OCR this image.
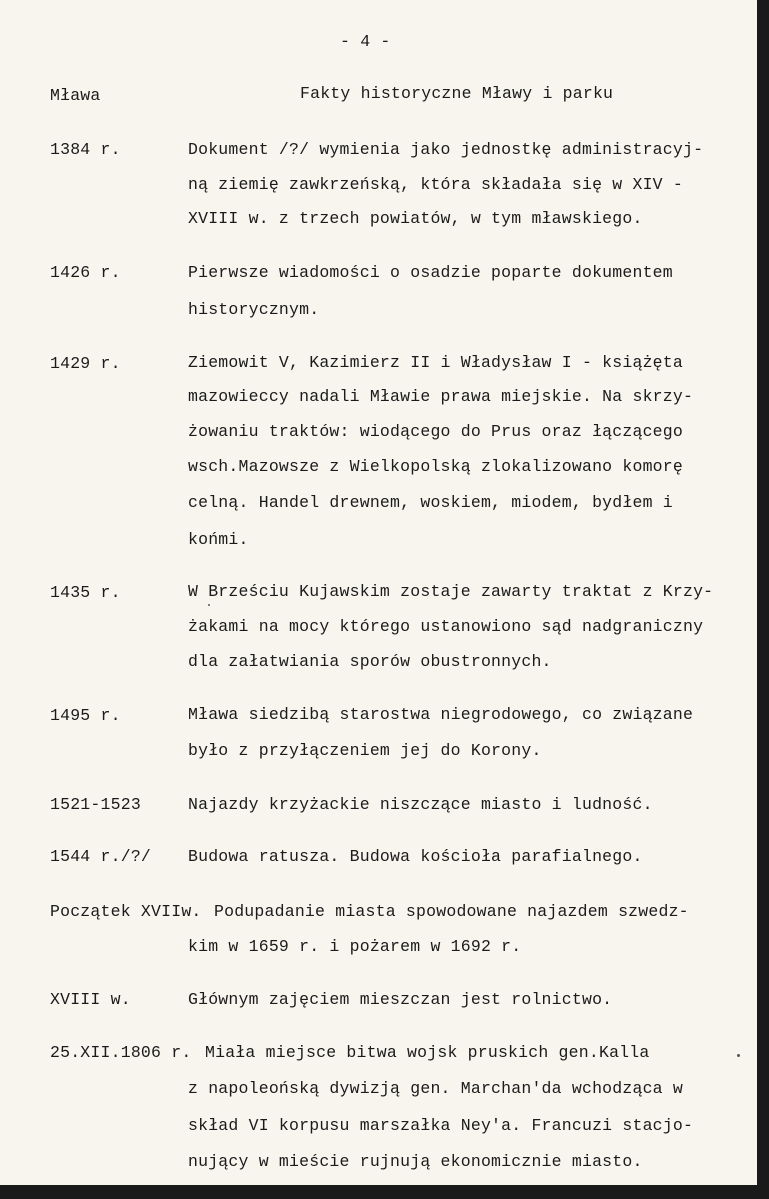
- 4 -
Mława	Fakty historyczne Mławy i parku
1384 r.	Dokument /?/ wymienia jako jednostkę administracyj-
ną ziemię zawkrzeńską, która składała się w XIV -
XVIII w. z trzech powiatów, w tym mławskiego.
1426 r.	Pierwsze wiadomości o osadzie poparte dokumentem
historycznym.
1429 r.	Ziemowit V, Kazimierz II i Władysław I - książęta
mazowieccy nadali Mławie prawa miejskie. Na skrzy-
żowaniu traktów: wiodącego do Prus oraz łączącego
wsch.Mazowsze z Wielkopolską zlokalizowano komorę
celną. Handel drewnem, woskiem, miodem, bydłem i
końmi.
1435 r.	W Brześciu Kujawskim zostaje zawarty traktat z Krzy-
żakami na mocy którego ustanowiono sąd nadgraniczny
dla załatwiania sporów obustronnych.
1495 r.	Mława siedzibą starostwa niegrodowego, co związane
było z przyłączeniem jej do Korony.
1521-1523	Najazdy krzyżackie niszczące miasto i ludność.
1544 r./?/ Budowa ratusza. Budowa kościoła parafialnego.
Początek XVIIw. Podupadanie miasta spowodowane najazdem szwedz-
kim w 1659 r. i pożarem w 1692 r.
XVIII w.	Głównym zajęciem mieszczan jest rolnictwo.
25.XII.1806 r. Miała miejsce bitwa wojsk pruskich gen.Kalla
z napoleońską dywizją gen. Marchan'da wchodząca w
skład VI korpusu marszałka Ney'a. Francuzi stacjo-
nujący w mieście rujnują ekonomicznie miasto.
